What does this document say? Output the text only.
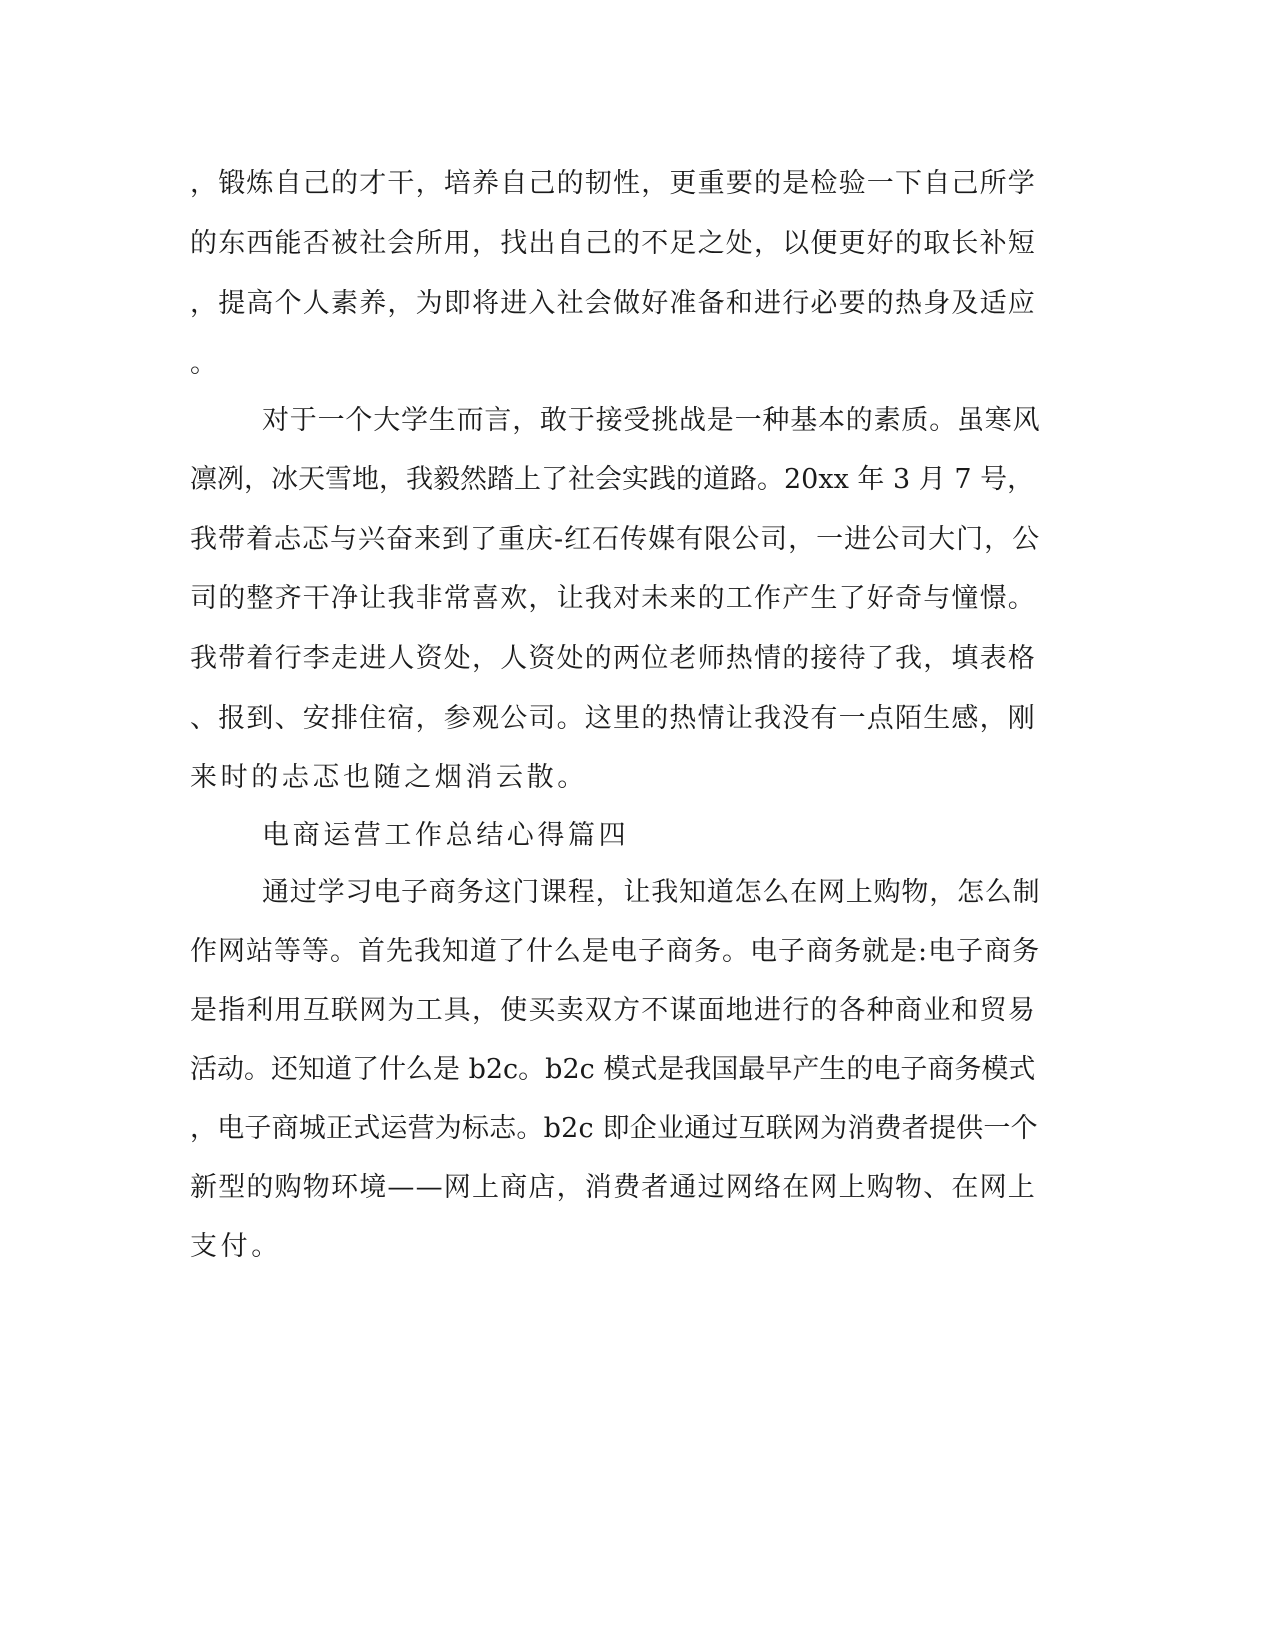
，锻炼自己的才干，培养自己的韧性，更重要的是检验一下自己所学
的东西能否被社会所用，找出自己的不足之处，以便更好的取长补短
，提高个人素养，为即将进入社会做好准备和进行必要的热身及适应
。
对于一个大学生而言，敢于接受挑战是一种基本的素质。虽寒风
凛冽，冰天雪地，我毅然踏上了社会实践的道路。20xx 年 3 月 7 号，
我带着忐忑与兴奋来到了重庆-红石传媒有限公司，一进公司大门，公
司的整齐干净让我非常喜欢，让我对未来的工作产生了好奇与憧憬。
我带着行李走进人资处，人资处的两位老师热情的接待了我，填表格
、报到、安排住宿，参观公司。这里的热情让我没有一点陌生感，刚
来时的忐忑也随之烟消云散。
电商运营工作总结心得篇四
通过学习电子商务这门课程，让我知道怎么在网上购物，怎么制
作网站等等。首先我知道了什么是电子商务。电子商务就是:电子商务
是指利用互联网为工具，使买卖双方不谋面地进行的各种商业和贸易
活动。还知道了什么是 b2c。b2c 模式是我国最早产生的电子商务模式
，电子商城正式运营为标志。b2c 即企业通过互联网为消费者提供一个
新型的购物环境——网上商店，消费者通过网络在网上购物、在网上
支付。
